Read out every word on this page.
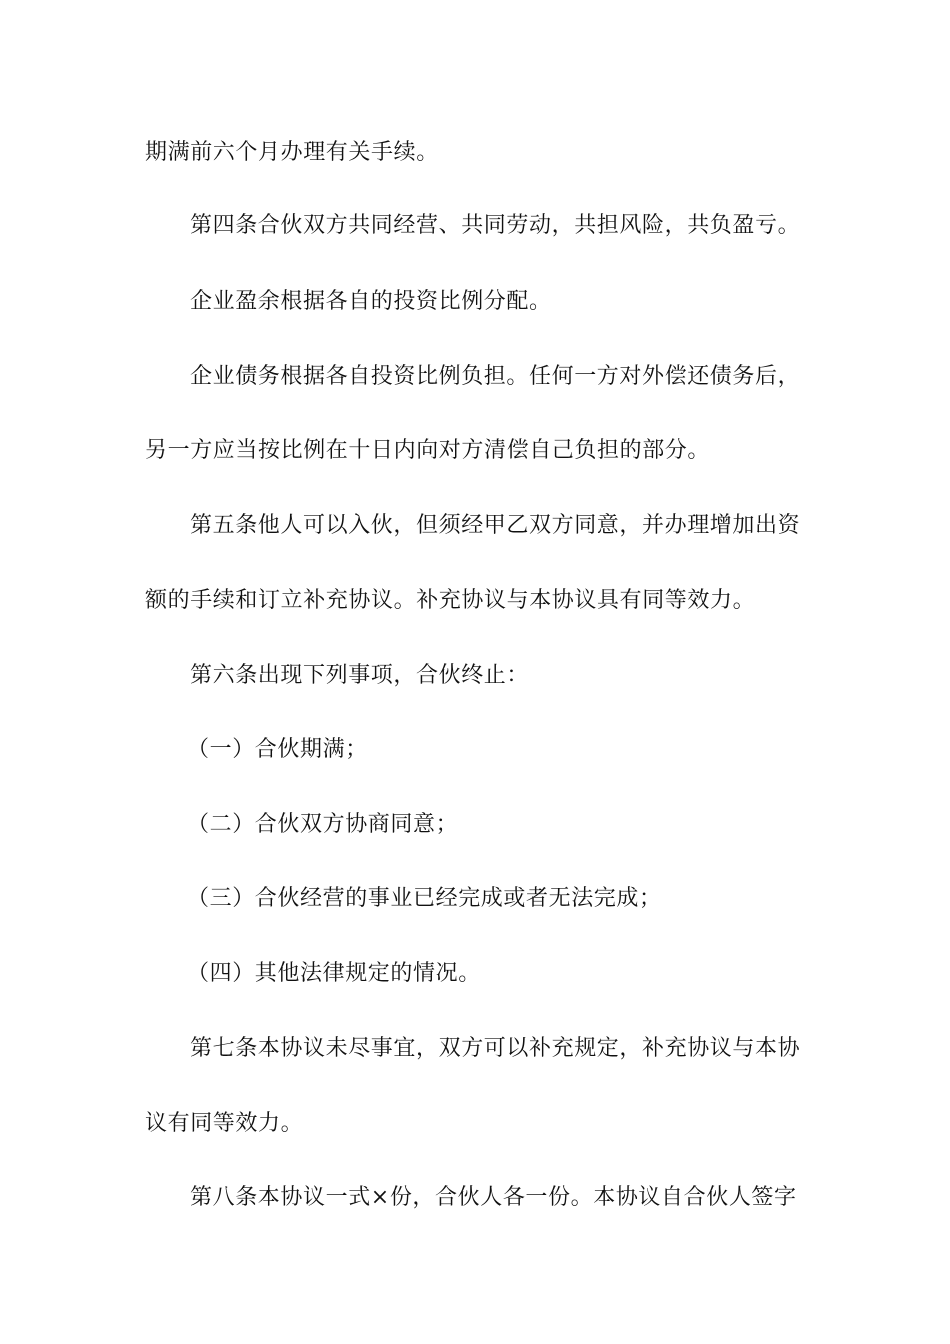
期满前六个月办理有关手续。
第四条合伙双方共同经营、共同劳动，共担风险，共负盈亏。
企业盈余根据各自的投资比例分配。
企业债务根据各自投资比例负担。任何一方对外偿还债务后，
另一方应当按比例在十日内向对方清偿自己负担的部分。
第五条他人可以入伙，但须经甲乙双方同意，并办理增加出资
额的手续和订立补充协议。补充协议与本协议具有同等效力。
第六条出现下列事项，合伙终止：
（一）合伙期满；
（二）合伙双方协商同意；
（三）合伙经营的事业已经完成或者无法完成；
（四）其他法律规定的情况。
第七条本协议未尽事宜，双方可以补充规定，补充协议与本协
议有同等效力。
第八条本协议一式×份，合伙人各一份。本协议自合伙人签字
